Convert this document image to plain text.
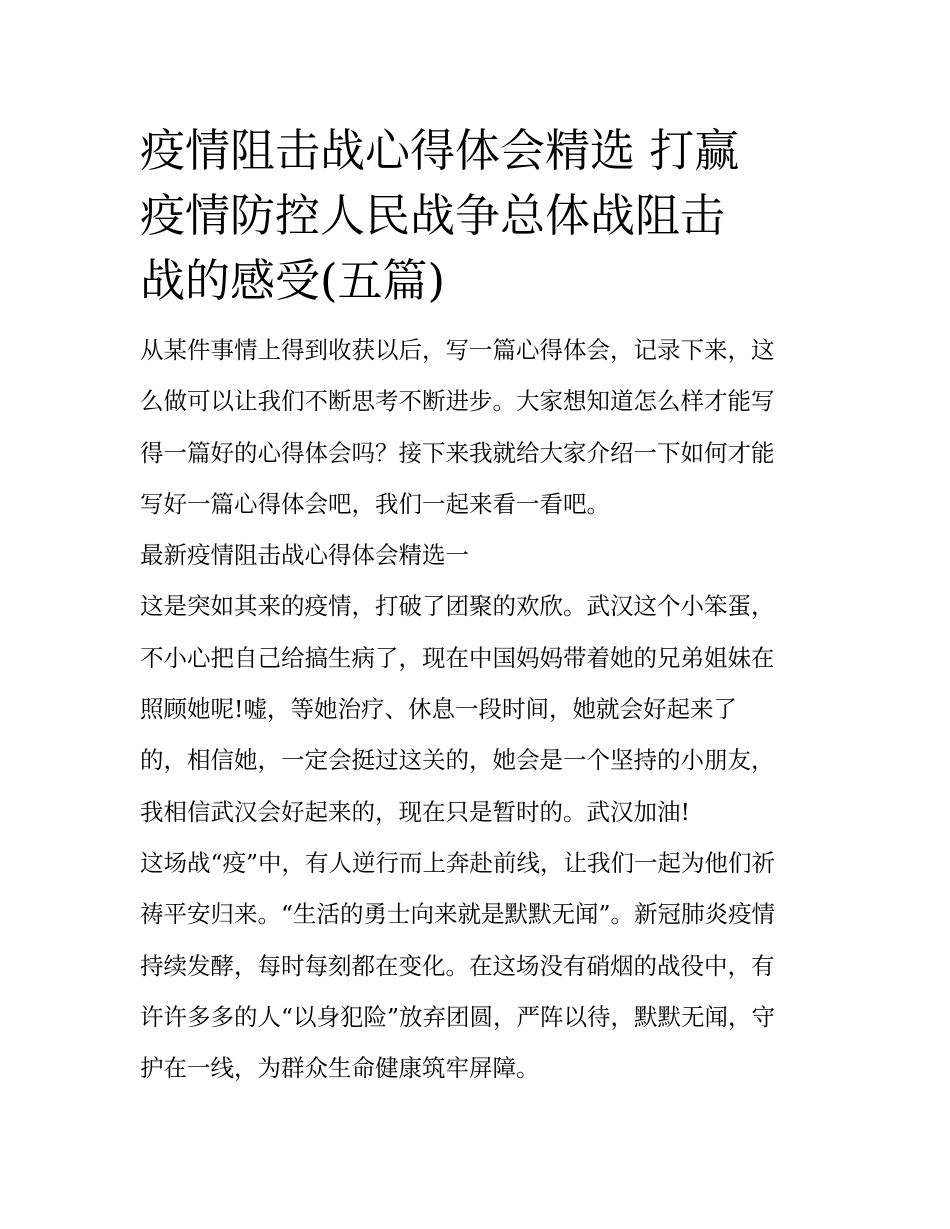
疫情阻击战心得体会精选 打赢
疫情防控人民战争总体战阻击
战的感受(五篇)
从某件事情上得到收获以后，写一篇心得体会，记录下来，这
么做可以让我们不断思考不断进步。大家想知道怎么样才能写
得一篇好的心得体会吗？接下来我就给大家介绍一下如何才能
写好一篇心得体会吧，我们一起来看一看吧。
最新疫情阻击战心得体会精选一
这是突如其来的疫情，打破了团聚的欢欣。武汉这个小笨蛋，
不小心把自己给搞生病了，现在中国妈妈带着她的兄弟姐妹在
照顾她呢!嘘，等她治疗、休息一段时间，她就会好起来了
的，相信她，一定会挺过这关的，她会是一个坚持的小朋友，
我相信武汉会好起来的，现在只是暂时的。武汉加油!
这场战“疫”中，有人逆行而上奔赴前线，让我们一起为他们祈
祷平安归来。“生活的勇士向来就是默默无闻”。新冠肺炎疫情
持续发酵，每时每刻都在变化。在这场没有硝烟的战役中，有
许许多多的人“以身犯险”放弃团圆，严阵以待，默默无闻，守
护在一线，为群众生命健康筑牢屏障。
